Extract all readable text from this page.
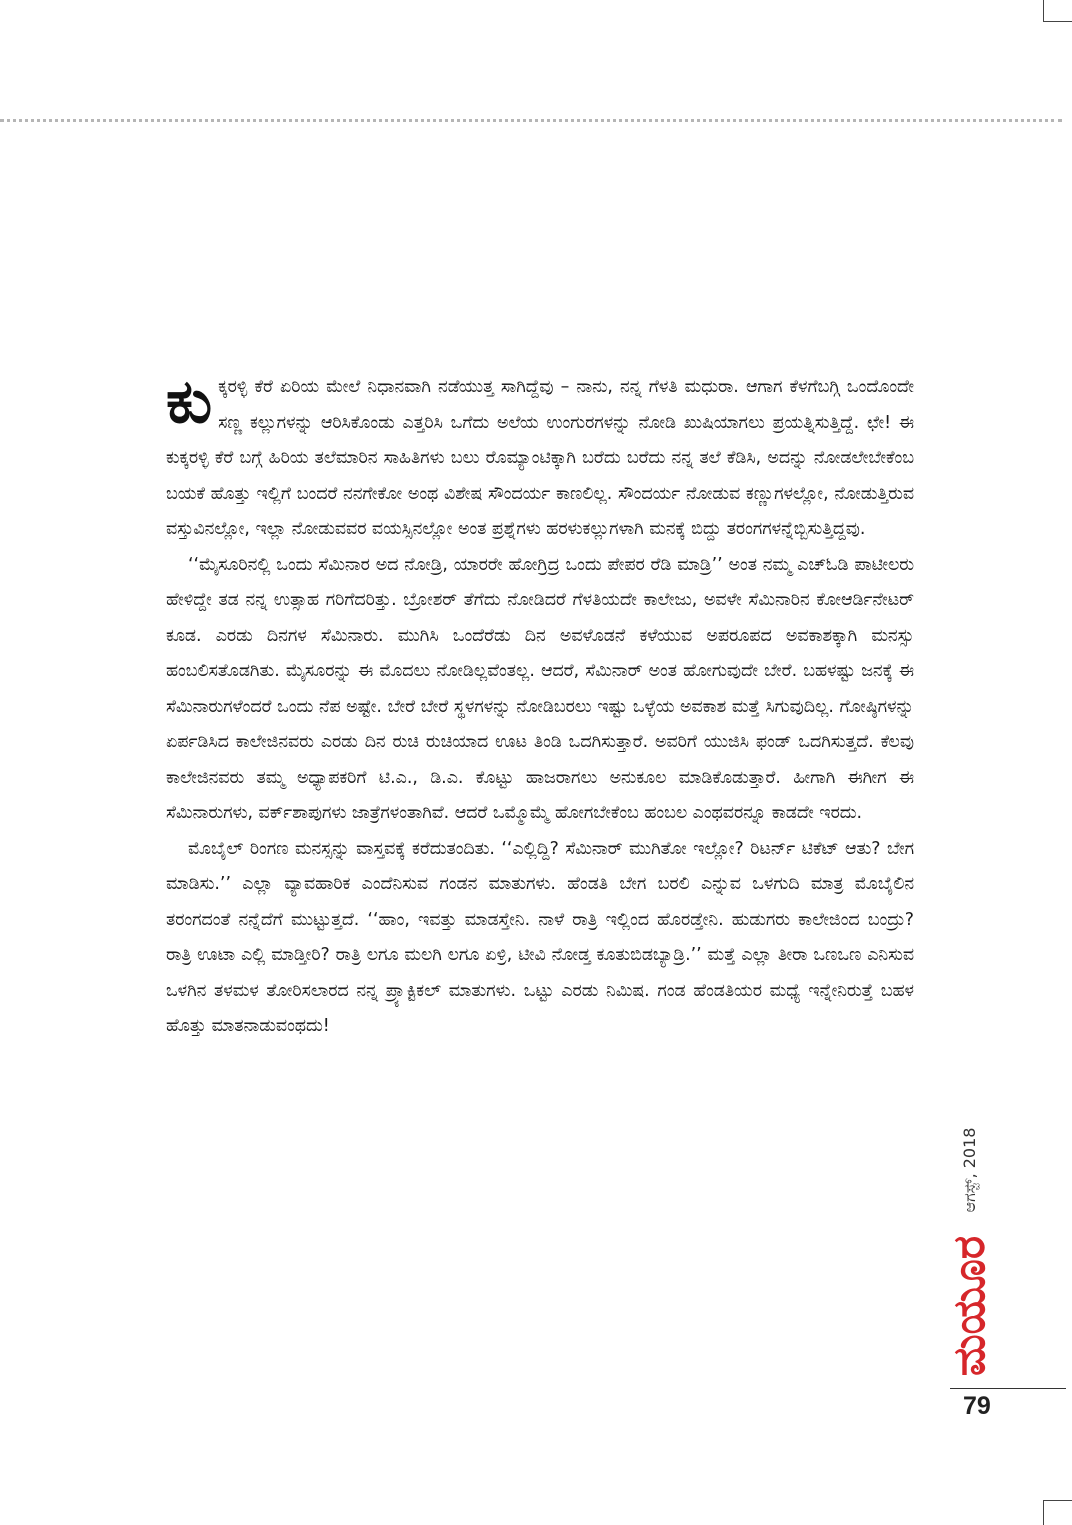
ಕುಕ್ಕರಳ್ಳಿ ಕೆರೆ ಏರಿಯ ಮೇಲೆ ನಿಧಾನವಾಗಿ ನಡೆಯುತ್ತ ಸಾಗಿದ್ದೆವು – ನಾನು, ನನ್ನ ಗೆಳತಿ ಮಧುರಾ. ಆಗಾಗ ಕೆಳಗೆಬಗ್ಗಿ ಒಂದೊಂದೇ ಸಣ್ಣ ಕಲ್ಲುಗಳನ್ನು ಆರಿಸಿಕೊಂಡು ಎತ್ತರಿಸಿ ಒಗೆದು ಅಲೆಯ ಉಂಗುರಗಳನ್ನು ನೋಡಿ ಖುಷಿಯಾಗಲು ಪ್ರಯತ್ನಿಸುತ್ತಿದ್ದೆ. ಛೇ! ಈ ಕುಕ್ಕರಳ್ಳಿ ಕೆರೆ ಬಗ್ಗೆ ಹಿರಿಯ ತಲೆಮಾರಿನ ಸಾಹಿತಿಗಳು ಬಲು ರೊಮ್ಯಾಂಟಿಕ್ಕಾಗಿ ಬರೆದು ಬರೆದು ನನ್ನ ತಲೆ ಕೆಡಿಸಿ, ಅದನ್ನು ನೋಡಲೇಬೇಕೆಂಬ ಬಯಕೆ ಹೊತ್ತು ಇಲ್ಲಿಗೆ ಬಂದರೆ ನನಗೇಕೋ ಅಂಥ ವಿಶೇಷ ಸೌಂದರ್ಯ ಕಾಣಲಿಲ್ಲ. ಸೌಂದರ್ಯ ನೋಡುವ ಕಣ್ಣುಗಳಲ್ಲೋ, ನೋಡುತ್ತಿರುವ ವಸ್ತುವಿನಲ್ಲೋ, ಇಲ್ಲಾ ನೋಡುವವರ ವಯಸ್ಸಿನಲ್ಲೋ ಅಂತ ಪ್ರಶ್ನೆಗಳು ಹರಳುಕಲ್ಲುಗಳಾಗಿ ಮನಕ್ಕೆ ಬಿದ್ದು ತರಂಗಗಳನ್ನೆಬ್ಬಿಸುತ್ತಿದ್ದವು.

‘‘ಮೈಸೂರಿನಲ್ಲಿ ಒಂದು ಸೆಮಿನಾರ ಅದ ನೋಡ್ರಿ, ಯಾರರೇ ಹೋಗ್ರಿದ್ರ ಒಂದು ಪೇಪರ ರೆಡಿ ಮಾಡ್ರಿ’’ ಅಂತ ನಮ್ಮ ಎಚ್‌ಓಡಿ ಪಾಟೀಲರು ಹೇಳಿದ್ದೇ ತಡ ನನ್ನ ಉತ್ಸಾಹ ಗರಿಗೆದರಿತ್ತು. ಬ್ರೋಶರ್ ತೆಗೆದು ನೋಡಿದರೆ ಗೆಳತಿಯದೇ ಕಾಲೇಜು, ಅವಳೇ ಸೆಮಿನಾರಿನ ಕೋಆರ್ಡಿನೇಟರ್ ಕೂಡ. ಎರಡು ದಿನಗಳ ಸೆಮಿನಾರು. ಮುಗಿಸಿ ಒಂದೆರೆಡು ದಿನ ಅವಳೊಡನೆ ಕಳೆಯುವ ಅಪರೂಪದ ಅವಕಾಶಕ್ಕಾಗಿ ಮನಸ್ಸು ಹಂಬಲಿಸತೊಡಗಿತು. ಮೈಸೂರನ್ನು ಈ ಮೊದಲು ನೋಡಿಲ್ಲವೆಂತಲ್ಲ. ಆದರೆ, ಸೆಮಿನಾರ್ ಅಂತ ಹೋಗುವುದೇ ಬೇರೆ. ಬಹಳಷ್ಟು ಜನಕ್ಕೆ ಈ ಸೆಮಿನಾರುಗಳೆಂದರೆ ಒಂದು ನೆಪ ಅಷ್ಟೇ. ಬೇರೆ ಬೇರೆ ಸ್ಥಳಗಳನ್ನು ನೋಡಿಬರಲು ಇಷ್ಟು ಒಳ್ಳೆಯ ಅವಕಾಶ ಮತ್ತೆ ಸಿಗುವುದಿಲ್ಲ. ಗೋಷ್ಠಿಗಳನ್ನು ಏರ್ಪಡಿಸಿದ ಕಾಲೇಜಿನವರು ಎರಡು ದಿನ ರುಚಿ ರುಚಿಯಾದ ಊಟ ತಿಂಡಿ ಒದಗಿಸುತ್ತಾರೆ. ಅವರಿಗೆ ಯುಜಿಸಿ ಫಂಡ್ ಒದಗಿಸುತ್ತದೆ. ಕೆಲವು ಕಾಲೇಜಿನವರು ತಮ್ಮ ಅಧ್ಯಾಪಕರಿಗೆ ಟಿ.ಎ., ಡಿ.ಎ. ಕೊಟ್ಟು ಹಾಜರಾಗಲು ಅನುಕೂಲ ಮಾಡಿಕೊಡುತ್ತಾರೆ. ಹೀಗಾಗಿ ಈಗೀಗ ಈ ಸೆಮಿನಾರುಗಳು, ವರ್ಕ್‌ಶಾಪುಗಳು ಜಾತ್ರೆಗಳಂತಾಗಿವೆ. ಆದರೆ ಒಮ್ಮೊಮ್ಮೆ ಹೋಗಬೇಕೆಂಬ ಹಂಬಲ ಎಂಥವರನ್ನೂ ಕಾಡದೇ ಇರದು.

ಮೊಬೈಲ್ ರಿಂಗಣ ಮನಸ್ಸನ್ನು ವಾಸ್ತವಕ್ಕೆ ಕರೆದುತಂದಿತು. ‘‘ಎಲ್ಲಿದ್ದಿ? ಸೆಮಿನಾರ್ ಮುಗಿತೋ ಇಲ್ಲೋ? ರಿಟರ್ನ್ ಟಿಕೆಟ್ ಆತು? ಬೇಗ ಮಾಡಿಸು.’’ ಎಲ್ಲಾ ವ್ಯಾವಹಾರಿಕ ಎಂದೆನಿಸುವ ಗಂಡನ ಮಾತುಗಳು. ಹೆಂಡತಿ ಬೇಗ ಬರಲಿ ಎನ್ನುವ ಒಳಗುದಿ ಮಾತ್ರ ಮೊಬೈಲಿನ ತರಂಗದಂತೆ ನನ್ನೆದೆಗೆ ಮುಟ್ಟುತ್ತದೆ. ‘‘ಹಾಂ, ಇವತ್ತು ಮಾಡಸ್ತೇನಿ. ನಾಳೆ ರಾತ್ರಿ ಇಲ್ಲಿಂದ ಹೊರಡ್ತೇನಿ. ಹುಡುಗರು ಕಾಲೇಜಿಂದ ಬಂದ್ರು? ರಾತ್ರಿ ಊಟಾ ಎಲ್ಲಿ ಮಾಡ್ತೀರಿ? ರಾತ್ರಿ ಲಗೂ ಮಲಗಿ ಲಗೂ ಏಳ್ರಿ, ಟೀವಿ ನೋಡ್ತ ಕೂತುಬಿಡಬ್ಯಾಡ್ರಿ.’’ ಮತ್ತೆ ಎಲ್ಲಾ ತೀರಾ ಒಣಒಣ ಎನಿಸುವ ಒಳಗಿನ ತಳಮಳ ತೋರಿಸಲಾರದ ನನ್ನ ಪ್ರ್ಯಾಕ್ಟಿಕಲ್ ಮಾತುಗಳು. ಒಟ್ಟು ಎರಡು ನಿಮಿಷ. ಗಂಡ ಹೆಂಡತಿಯರ ಮಧ್ಯೆ ಇನ್ನೇನಿರುತ್ತೆ ಬಹಳ ಹೊತ್ತು ಮಾತನಾಡುವಂಥದು!

ಆಗಸ್ಟ್, 2018
ಮಯೂರ
79
